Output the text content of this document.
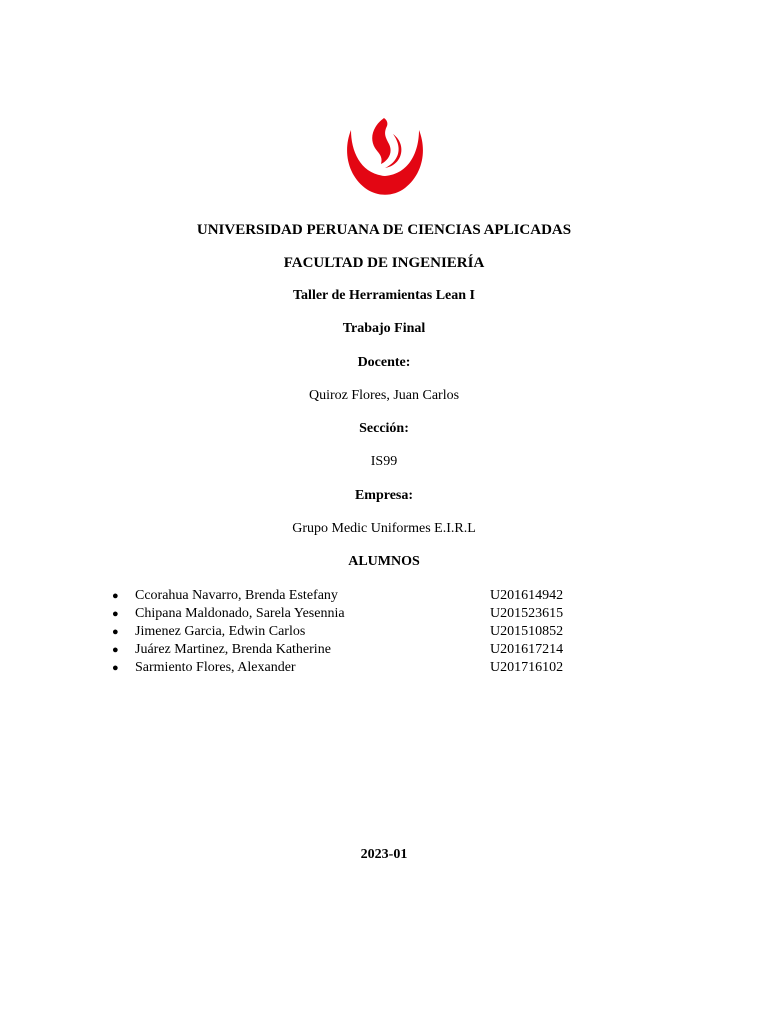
UNIVERSIDAD PERUANA DE CIENCIAS APLICADAS
FACULTAD DE INGENIERÍA
Taller de Herramientas Lean I
Trabajo Final
Docente:
Quiroz Flores, Juan Carlos
Sección:
IS99
Empresa:
Grupo Medic Uniformes E.I.R.L
ALUMNOS
●	Ccorahua Navarro, Brenda Estefany	U201614942
●	Chipana Maldonado, Sarela Yesennia	U201523615
●	Jimenez Garcia, Edwin Carlos	U201510852
●	Juárez Martinez, Brenda Katherine	U201617214
●	Sarmiento Flores, Alexander	U201716102
2023-01
